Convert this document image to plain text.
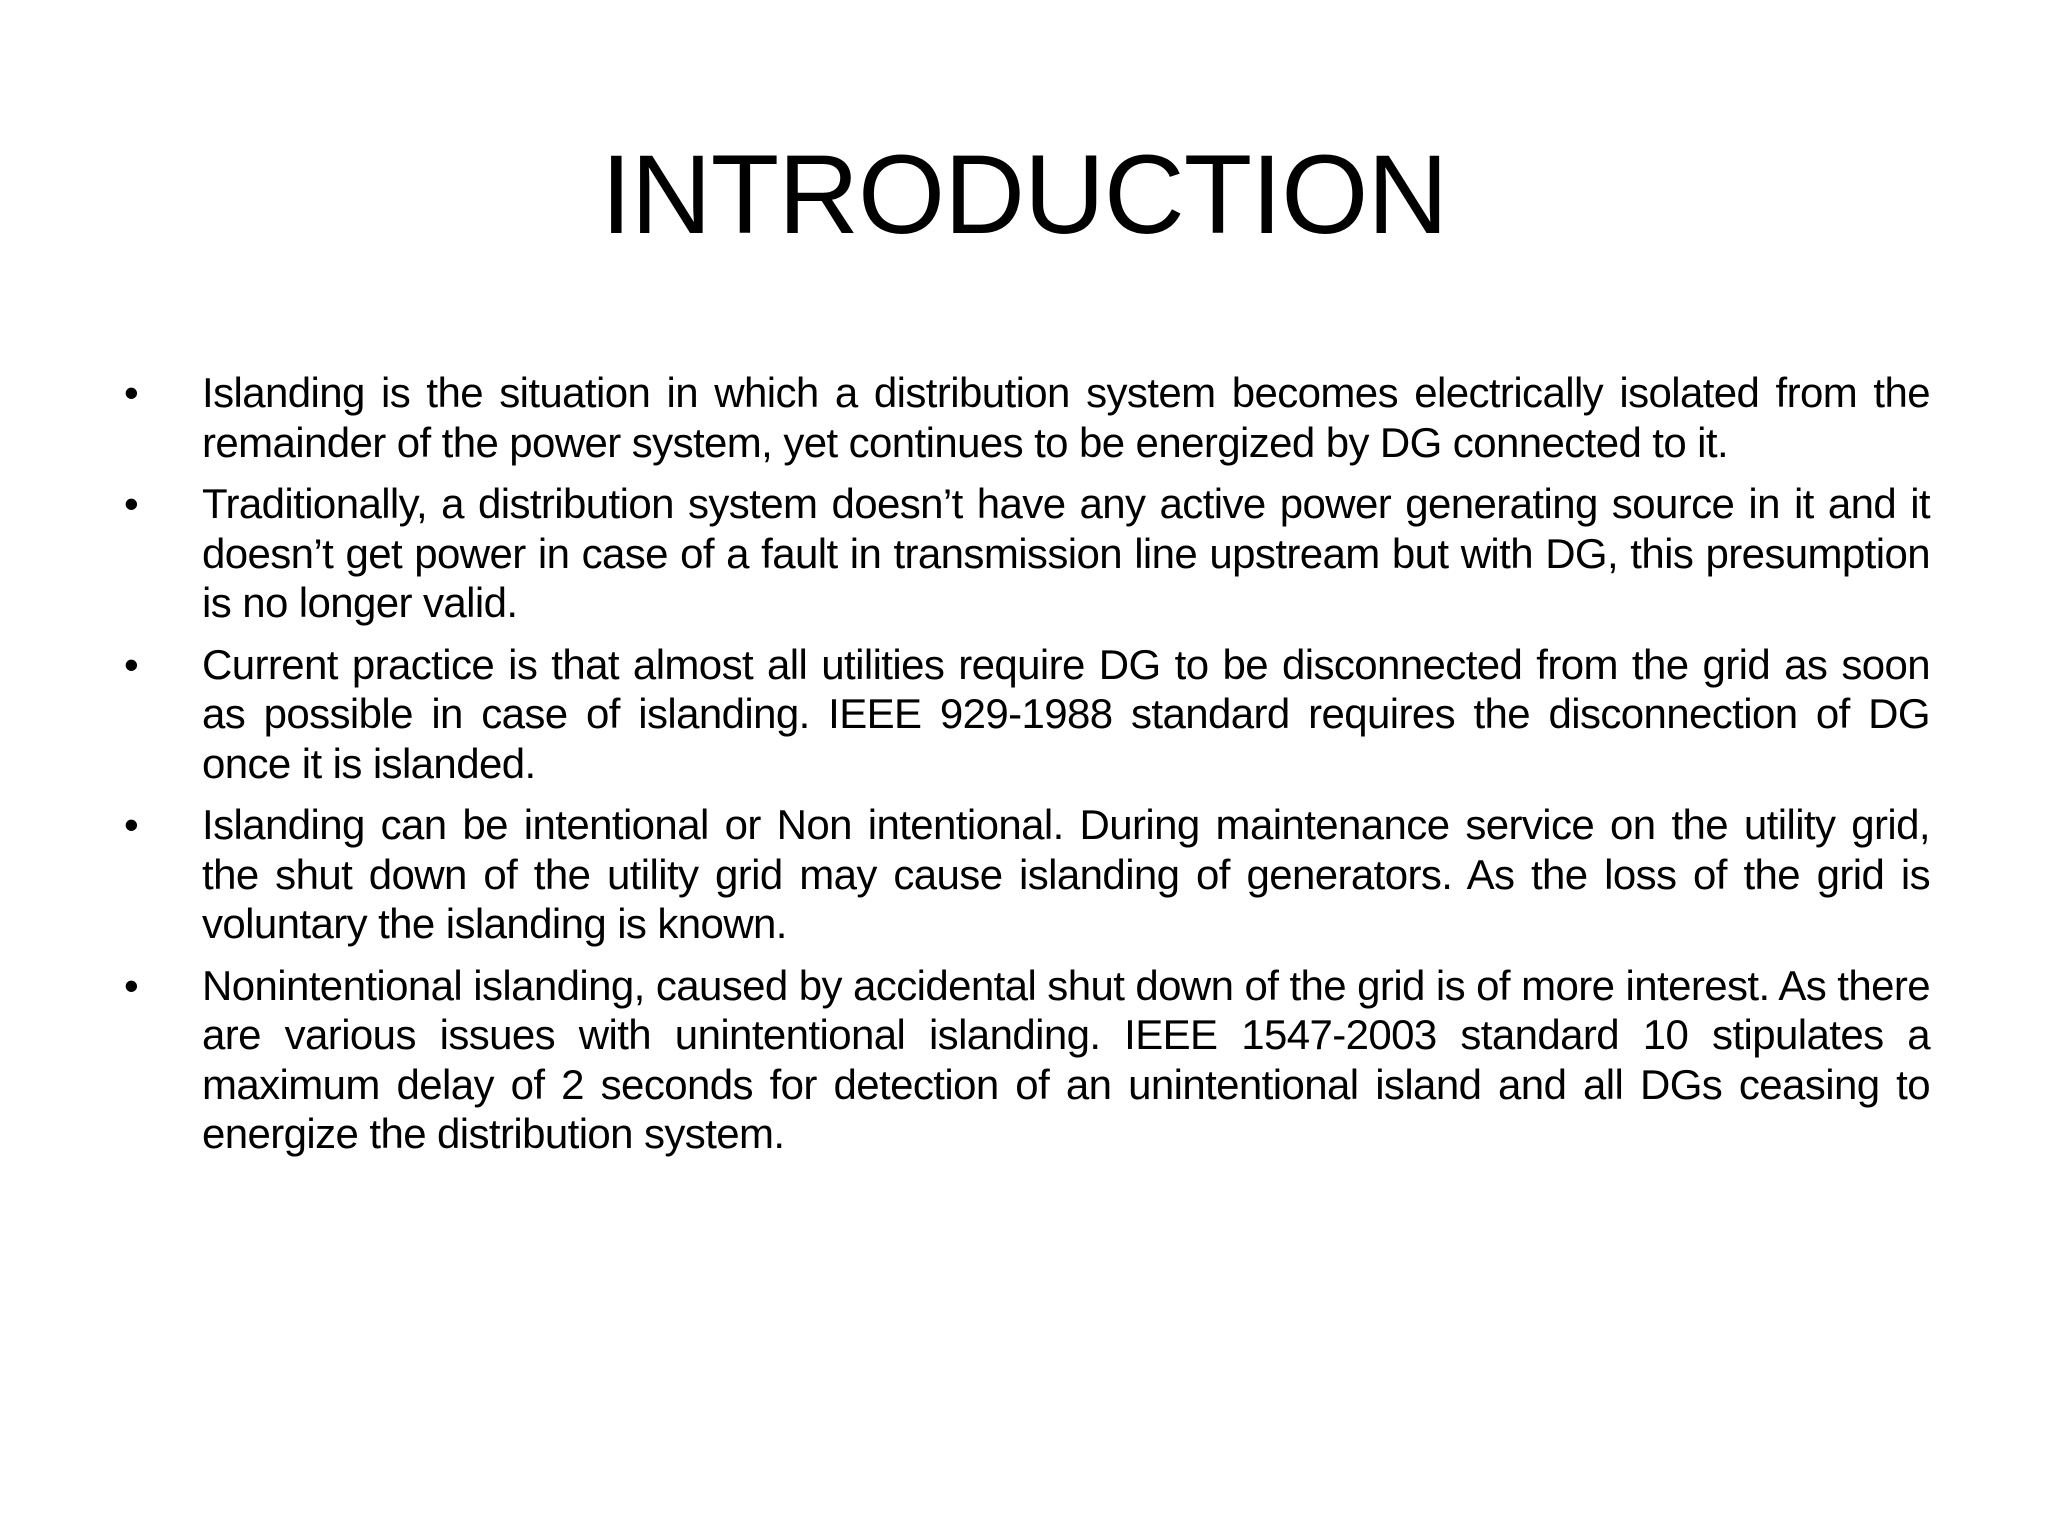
INTRODUCTION
• Islanding is the situation in which a distribution system becomes electrically isolated from the remainder of the power system, yet continues to be energized by DG connected to it.
• Traditionally, a distribution system doesn’t have any active power generating source in it and it doesn’t get power in case of a fault in transmission line upstream but with DG, this presumption is no longer valid.
• Current practice is that almost all utilities require DG to be disconnected from the grid as soon as possible in case of islanding. IEEE 929-1988 standard requires the disconnection of DG once it is islanded.
• Islanding can be intentional or Non intentional. During maintenance service on the utility grid, the shut down of the utility grid may cause islanding of generators. As the loss of the grid is voluntary the islanding is known.
• Nonintentional islanding, caused by accidental shut down of the grid is of more interest. As there are various issues with unintentional islanding. IEEE 1547-2003 standard 10 stipulates a maximum delay of 2 seconds for detection of an unintentional island and all DGs ceasing to energize the distribution system.
